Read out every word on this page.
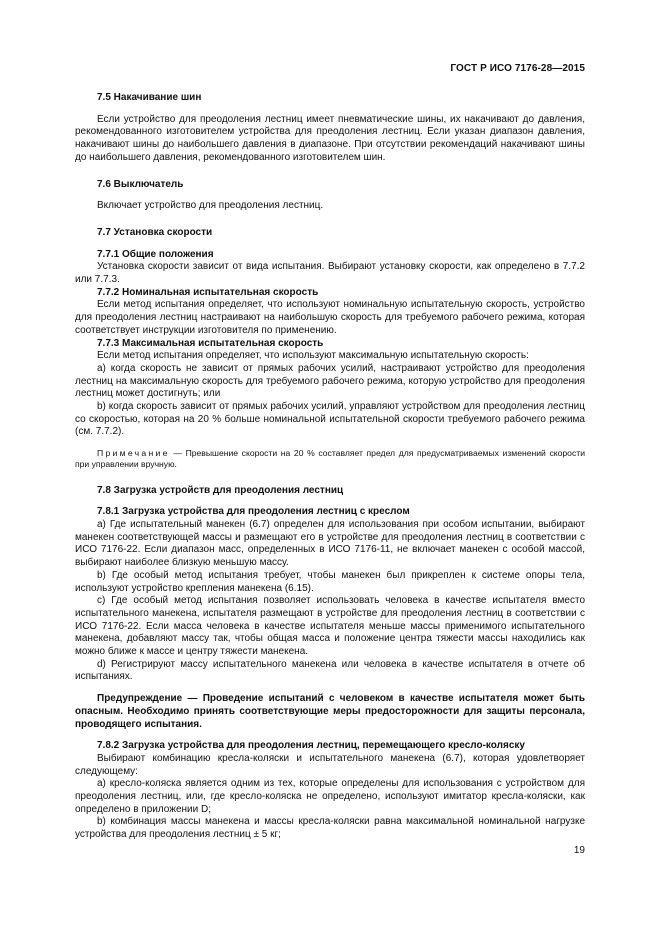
ГОСТ Р ИСО 7176-28—2015

7.5 Накачивание шин

Если устройство для преодоления лестниц имеет пневматические шины, их накачивают до давления, рекомендованного изготовителем устройства для преодоления лестниц. Если указан диапазон давления, накачивают шины до наибольшего давления в диапазоне. При отсутствии рекомендаций накачивают шины до наибольшего давления, рекомендованного изготовителем шин.

7.6 Выключатель

Включает устройство для преодоления лестниц.

7.7 Установка скорости

7.7.1 Общие положения

Установка скорости зависит от вида испытания. Выбирают установку скорости, как определено в 7.7.2 или 7.7.3.

7.7.2 Номинальная испытательная скорость

Если метод испытания определяет, что используют номинальную испытательную скорость, устройство для преодоления лестниц настраивают на наибольшую скорость для требуемого рабочего режима, которая соответствует инструкции изготовителя по применению.

7.7.3 Максимальная испытательная скорость

Если метод испытания определяет, что используют максимальную испытательную скорость:

a) когда скорость не зависит от прямых рабочих усилий, настраивают устройство для преодоления лестниц на максимальную скорость для требуемого рабочего режима, которую устройство для преодоления лестниц может достигнуть; или

b) когда скорость зависит от прямых рабочих усилий, управляют устройством для преодоления лестниц со скоростью, которая на 20 % больше номинальной испытательной скорости требуемого рабочего режима (см. 7.7.2).

Примечание — Превышение скорости на 20 % составляет предел для предусматриваемых изменений скорости при управлении вручную.

7.8 Загрузка устройств для преодоления лестниц

7.8.1 Загрузка устройства для преодоления лестниц с креслом

a) Где испытательный манекен (6.7) определен для использования при особом испытании, выбирают манекен соответствующей массы и размещают его в устройстве для преодоления лестниц в соответствии с ИСО 7176-22. Если диапазон масс, определенных в ИСО 7176-11, не включает манекен с особой массой, выбирают наиболее близкую меньшую массу.

b) Где особый метод испытания требует, чтобы манекен был прикреплен к системе опоры тела, используют устройство крепления манекена (6.15).

c) Где особый метод испытания позволяет использовать человека в качестве испытателя вместо испытательного манекена, испытателя размещают в устройстве для преодоления лестниц в соответствии с ИСО 7176-22. Если масса человека в качестве испытателя меньше массы применимого испытательного манекена, добавляют массу так, чтобы общая масса и положение центра тяжести массы находились как можно ближе к массе и центру тяжести манекена.

d) Регистрируют массу испытательного манекена или человека в качестве испытателя в отчете об испытаниях.

Предупреждение — Проведение испытаний с человеком в качестве испытателя может быть опасным. Необходимо принять соответствующие меры предосторожности для защиты персонала, проводящего испытания.

7.8.2 Загрузка устройства для преодоления лестниц, перемещающего кресло-коляску

Выбирают комбинацию кресла-коляски и испытательного манекена (6.7), которая удовлетворяет следующему:

a) кресло-коляска является одним из тех, которые определены для использования с устройством для преодоления лестниц, или, где кресло-коляска не определено, используют имитатор кресла-коляски, как определено в приложении D;

b) комбинация массы манекена и массы кресла-коляски равна максимальной номинальной нагрузке устройства для преодоления лестниц ± 5 кг;

19
